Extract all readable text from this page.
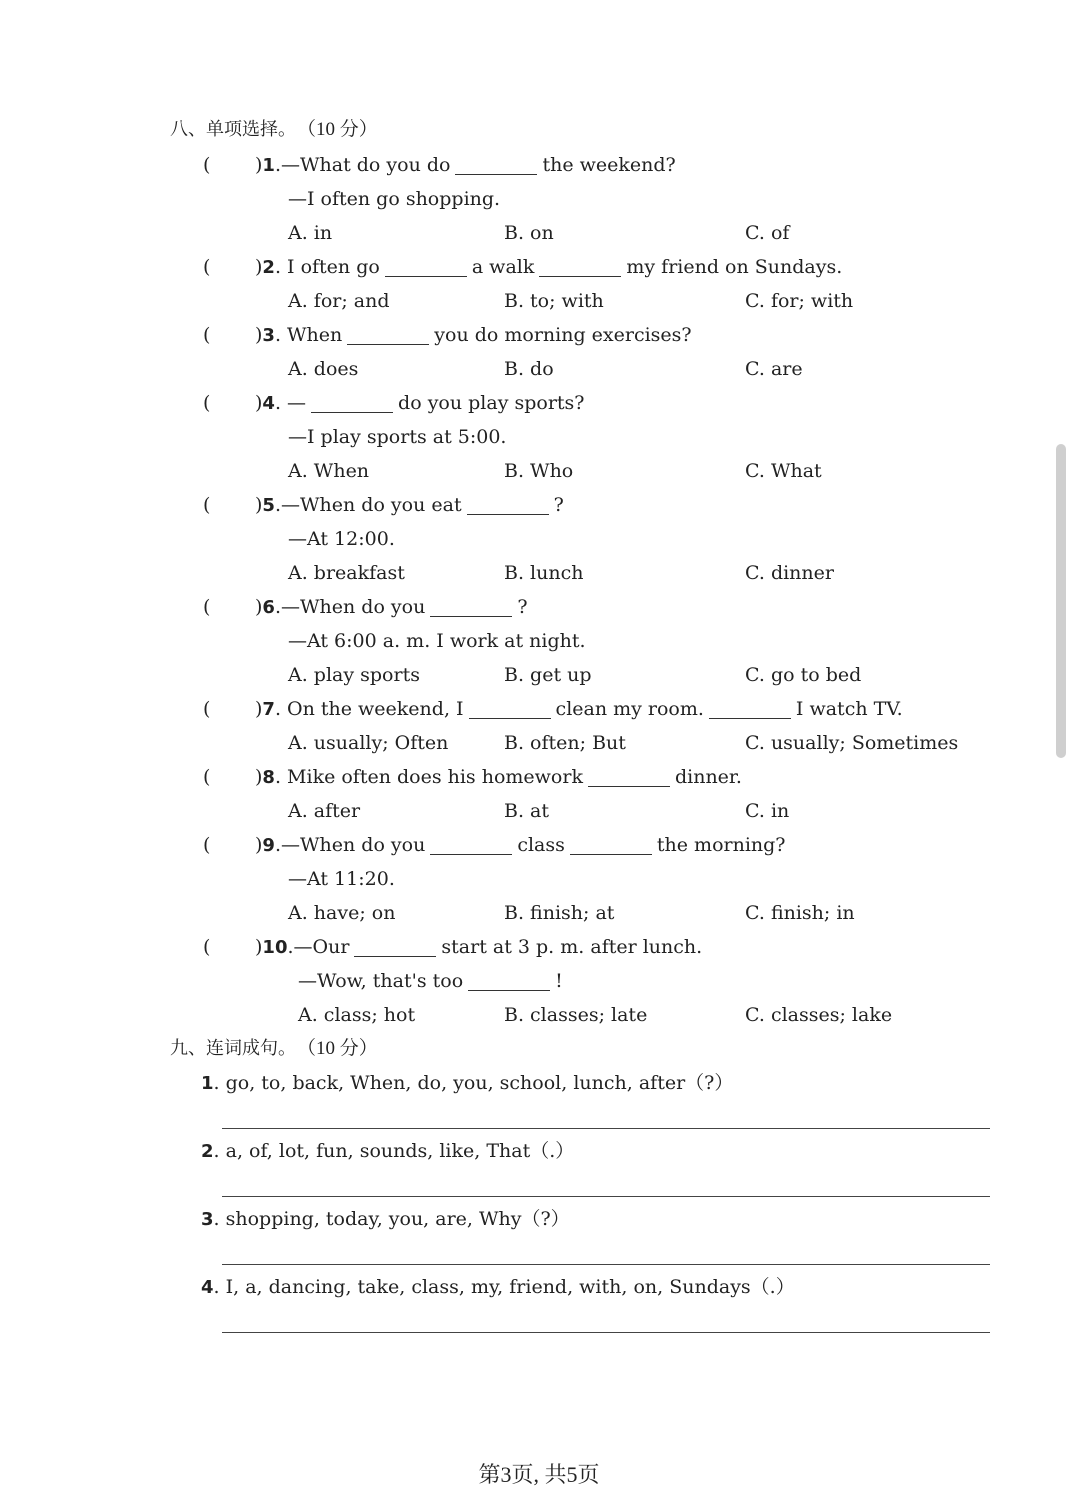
八、单项选择。 （10 分）
( )1.—What do you do	the weekend?
—I often go shopping.
A. in	B. on	C. of
( )2. I often go	a walk	my friend on Sundays.
A. for; and	B. to; with	C. for; with
( )3. When	you do morning exercises?
A. does	B. do	C. are
( )4. —	do you play sports?
—I play sports at 5:00.
A. When	B. Who	C. What
( )5.—When do you eat	?
—At 12:00.
A. breakfast	B. lunch	C. dinner
( )6.—When do you	?
—At 6:00 a. m. I work at night.
A. play sports	B. get up	C. go to bed
( )7. On the weekend, I	clean my room.	I watch TV.
A. usually; Often	B. often; But	C. usually; Sometimes
( )8. Mike often does his homework	dinner.
A. after	B. at	C. in
( )9.—When do you	class	the morning?
—At 11:20.
A. have; on	B. finish; at	C. finish; in
( )10.—Our	start at 3 p. m. after lunch.
—Wow, that's too	!
A. class; hot	B. classes; late	C. classes; lake
九、连词成句。 （10 分）
1. go, to, back, When, do, you, school, lunch, after（?）
2. a, of, lot, fun, sounds, like, That（.）
3. shopping, today, you, are, Why（?）
4. I, a, dancing, take, class, my, friend, with, on, Sundays（.）
第3页, 共5页
